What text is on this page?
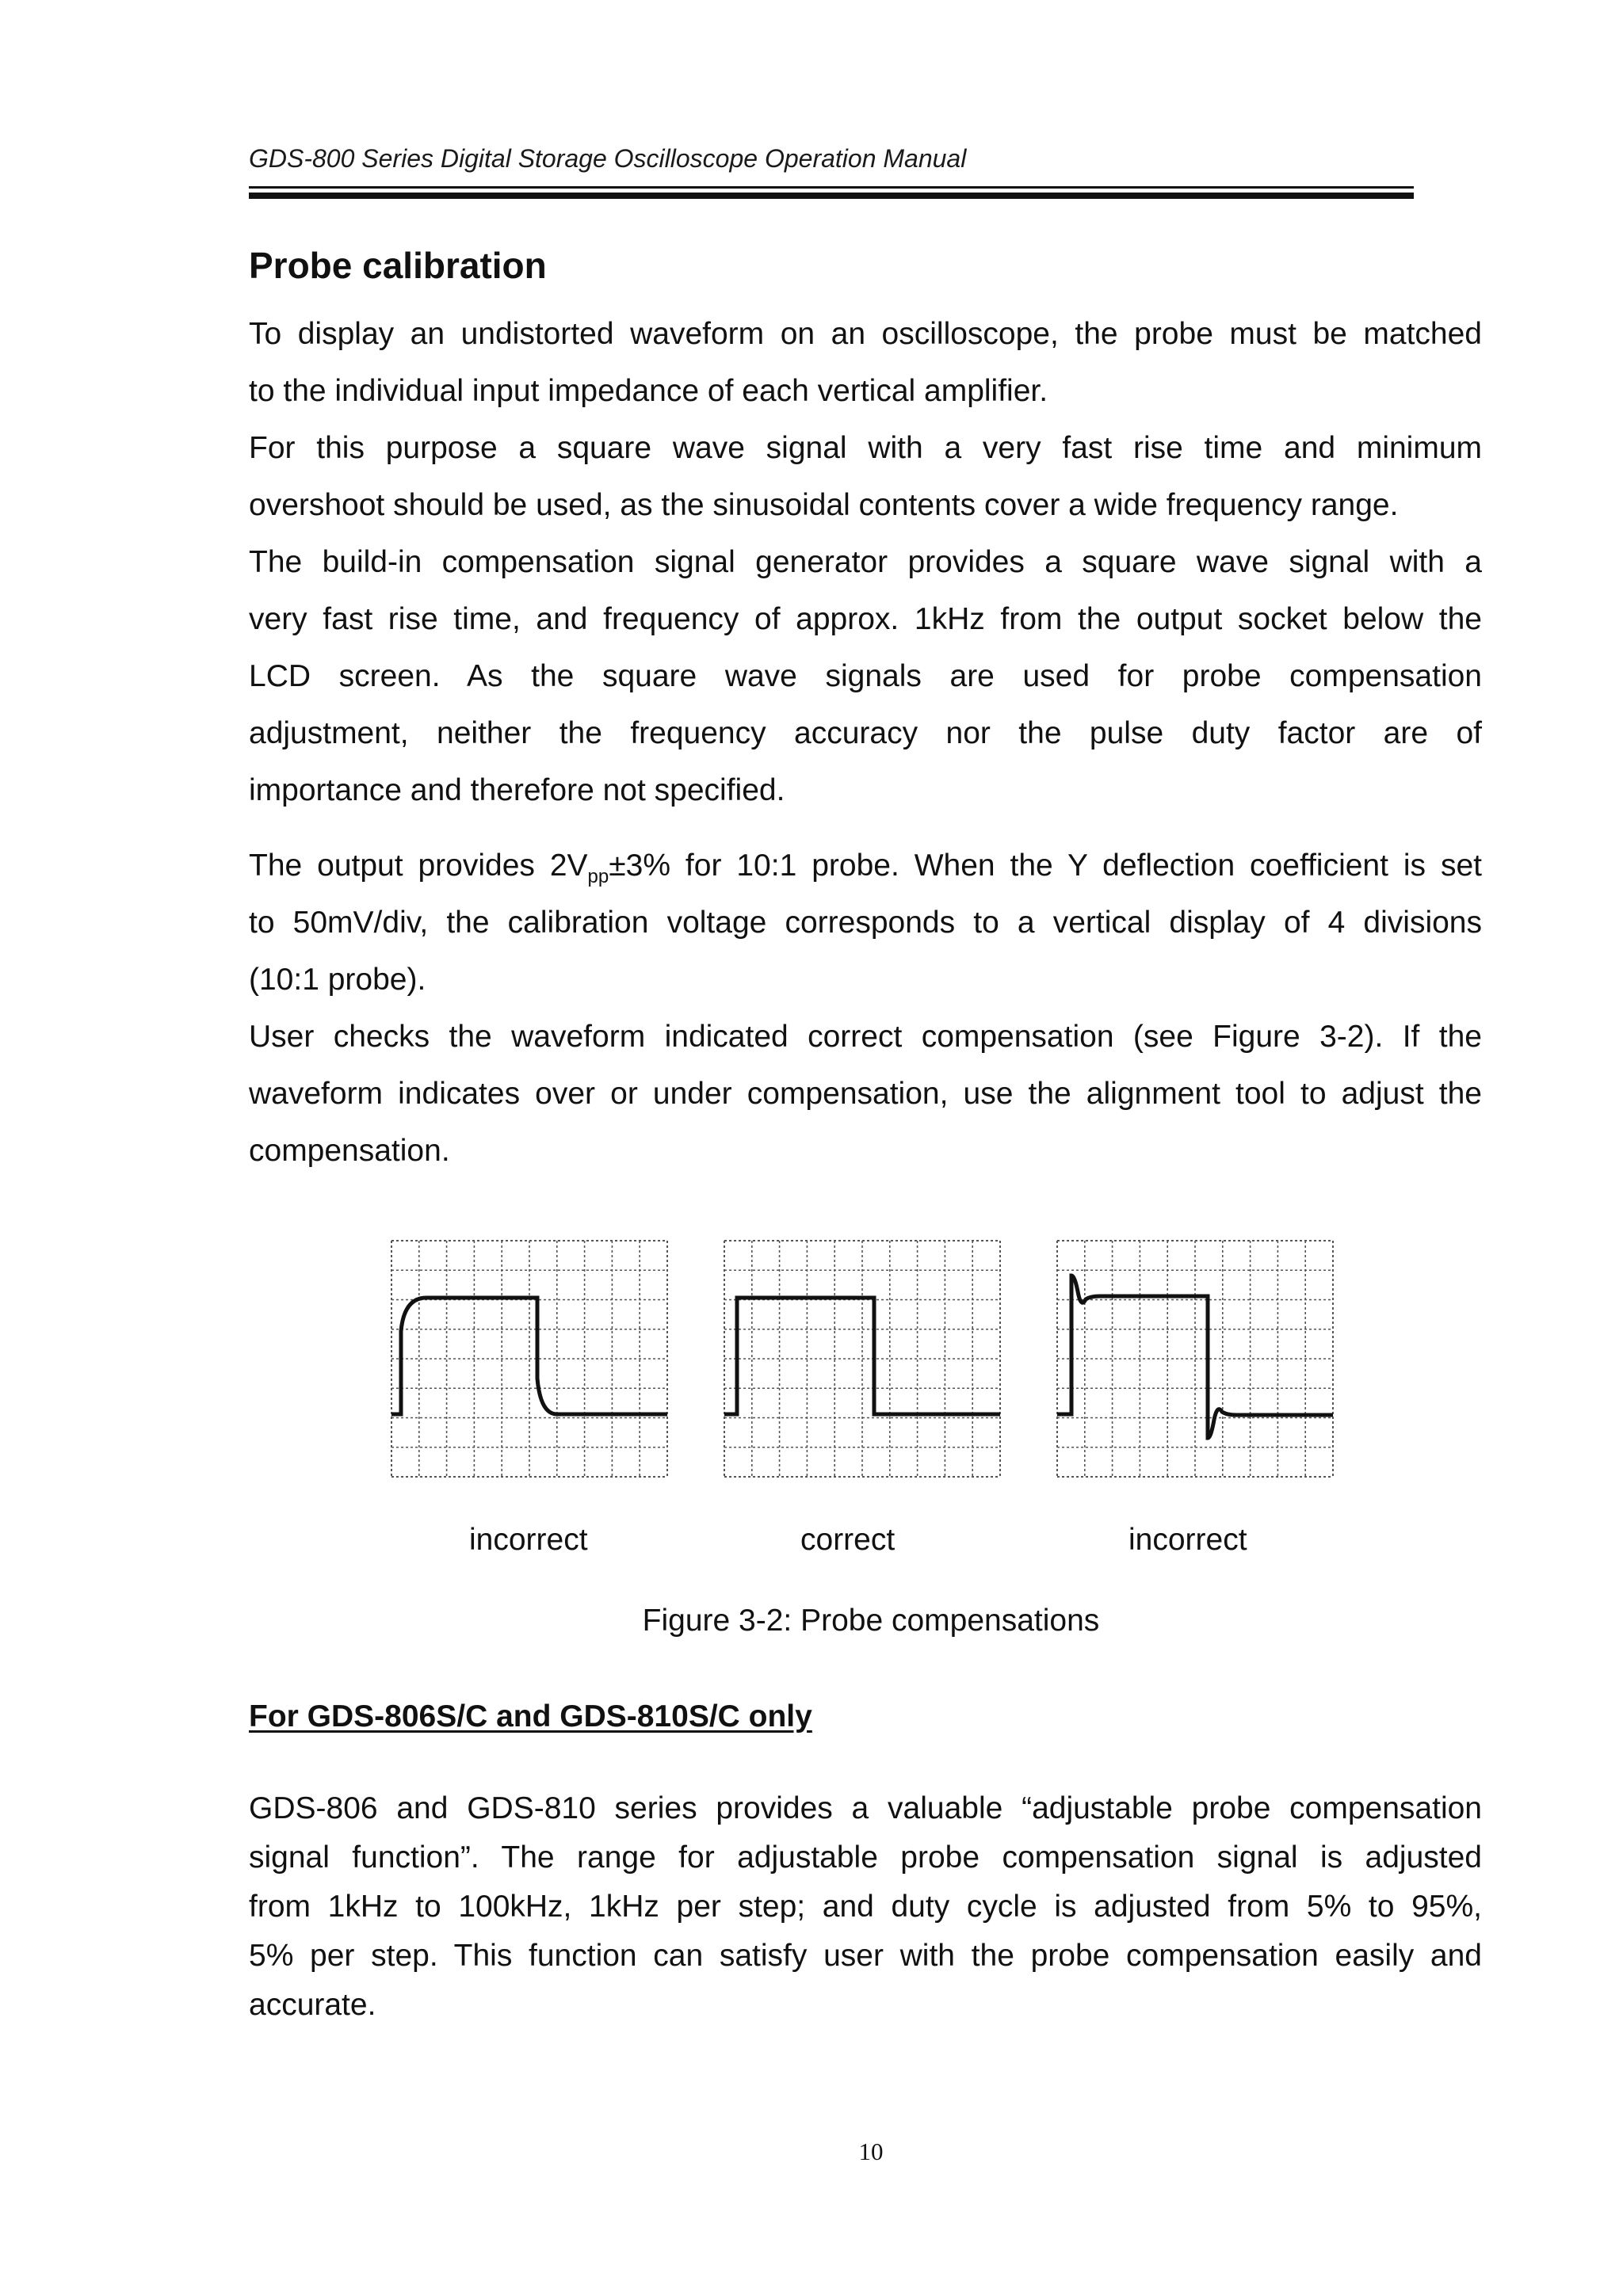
GDS-800 Series Digital Storage Oscilloscope Operation Manual
Probe calibration
To display an undistorted waveform on an oscilloscope, the probe must be matched
to the individual input impedance of each vertical amplifier.
For this purpose a square wave signal with a very fast rise time and minimum
overshoot should be used, as the sinusoidal contents cover a wide frequency range.
The build-in compensation signal generator provides a square wave signal with a
very fast rise time, and frequency of approx. 1kHz from the output socket below the
LCD screen. As the square wave signals are used for probe compensation
adjustment, neither the frequency accuracy nor the pulse duty factor are of
importance and therefore not specified.
The output provides $2V_{pp}\pm 3\%$ for 10:1 probe. When the Y deflection coefficient is set
to 50mV/div, the calibration voltage corresponds to a vertical display of 4 divisions
(10:1 probe).
User checks the waveform indicated correct compensation (see Figure 3-2). If the
waveform indicates over or under compensation, use the alignment tool to adjust the
compensation.
incorrect	correct	incorrect
Figure 3-2: Probe compensations
For GDS-806S/C and GDS-810S/C only
GDS-806 and GDS-810 series provides a valuable “adjustable probe compensation
signal function”. The range for adjustable probe compensation signal is adjusted
from 1kHz to 100kHz, 1kHz per step; and duty cycle is adjusted from 5% to 95%,
5% per step. This function can satisfy user with the probe compensation easily and
accurate.
10
